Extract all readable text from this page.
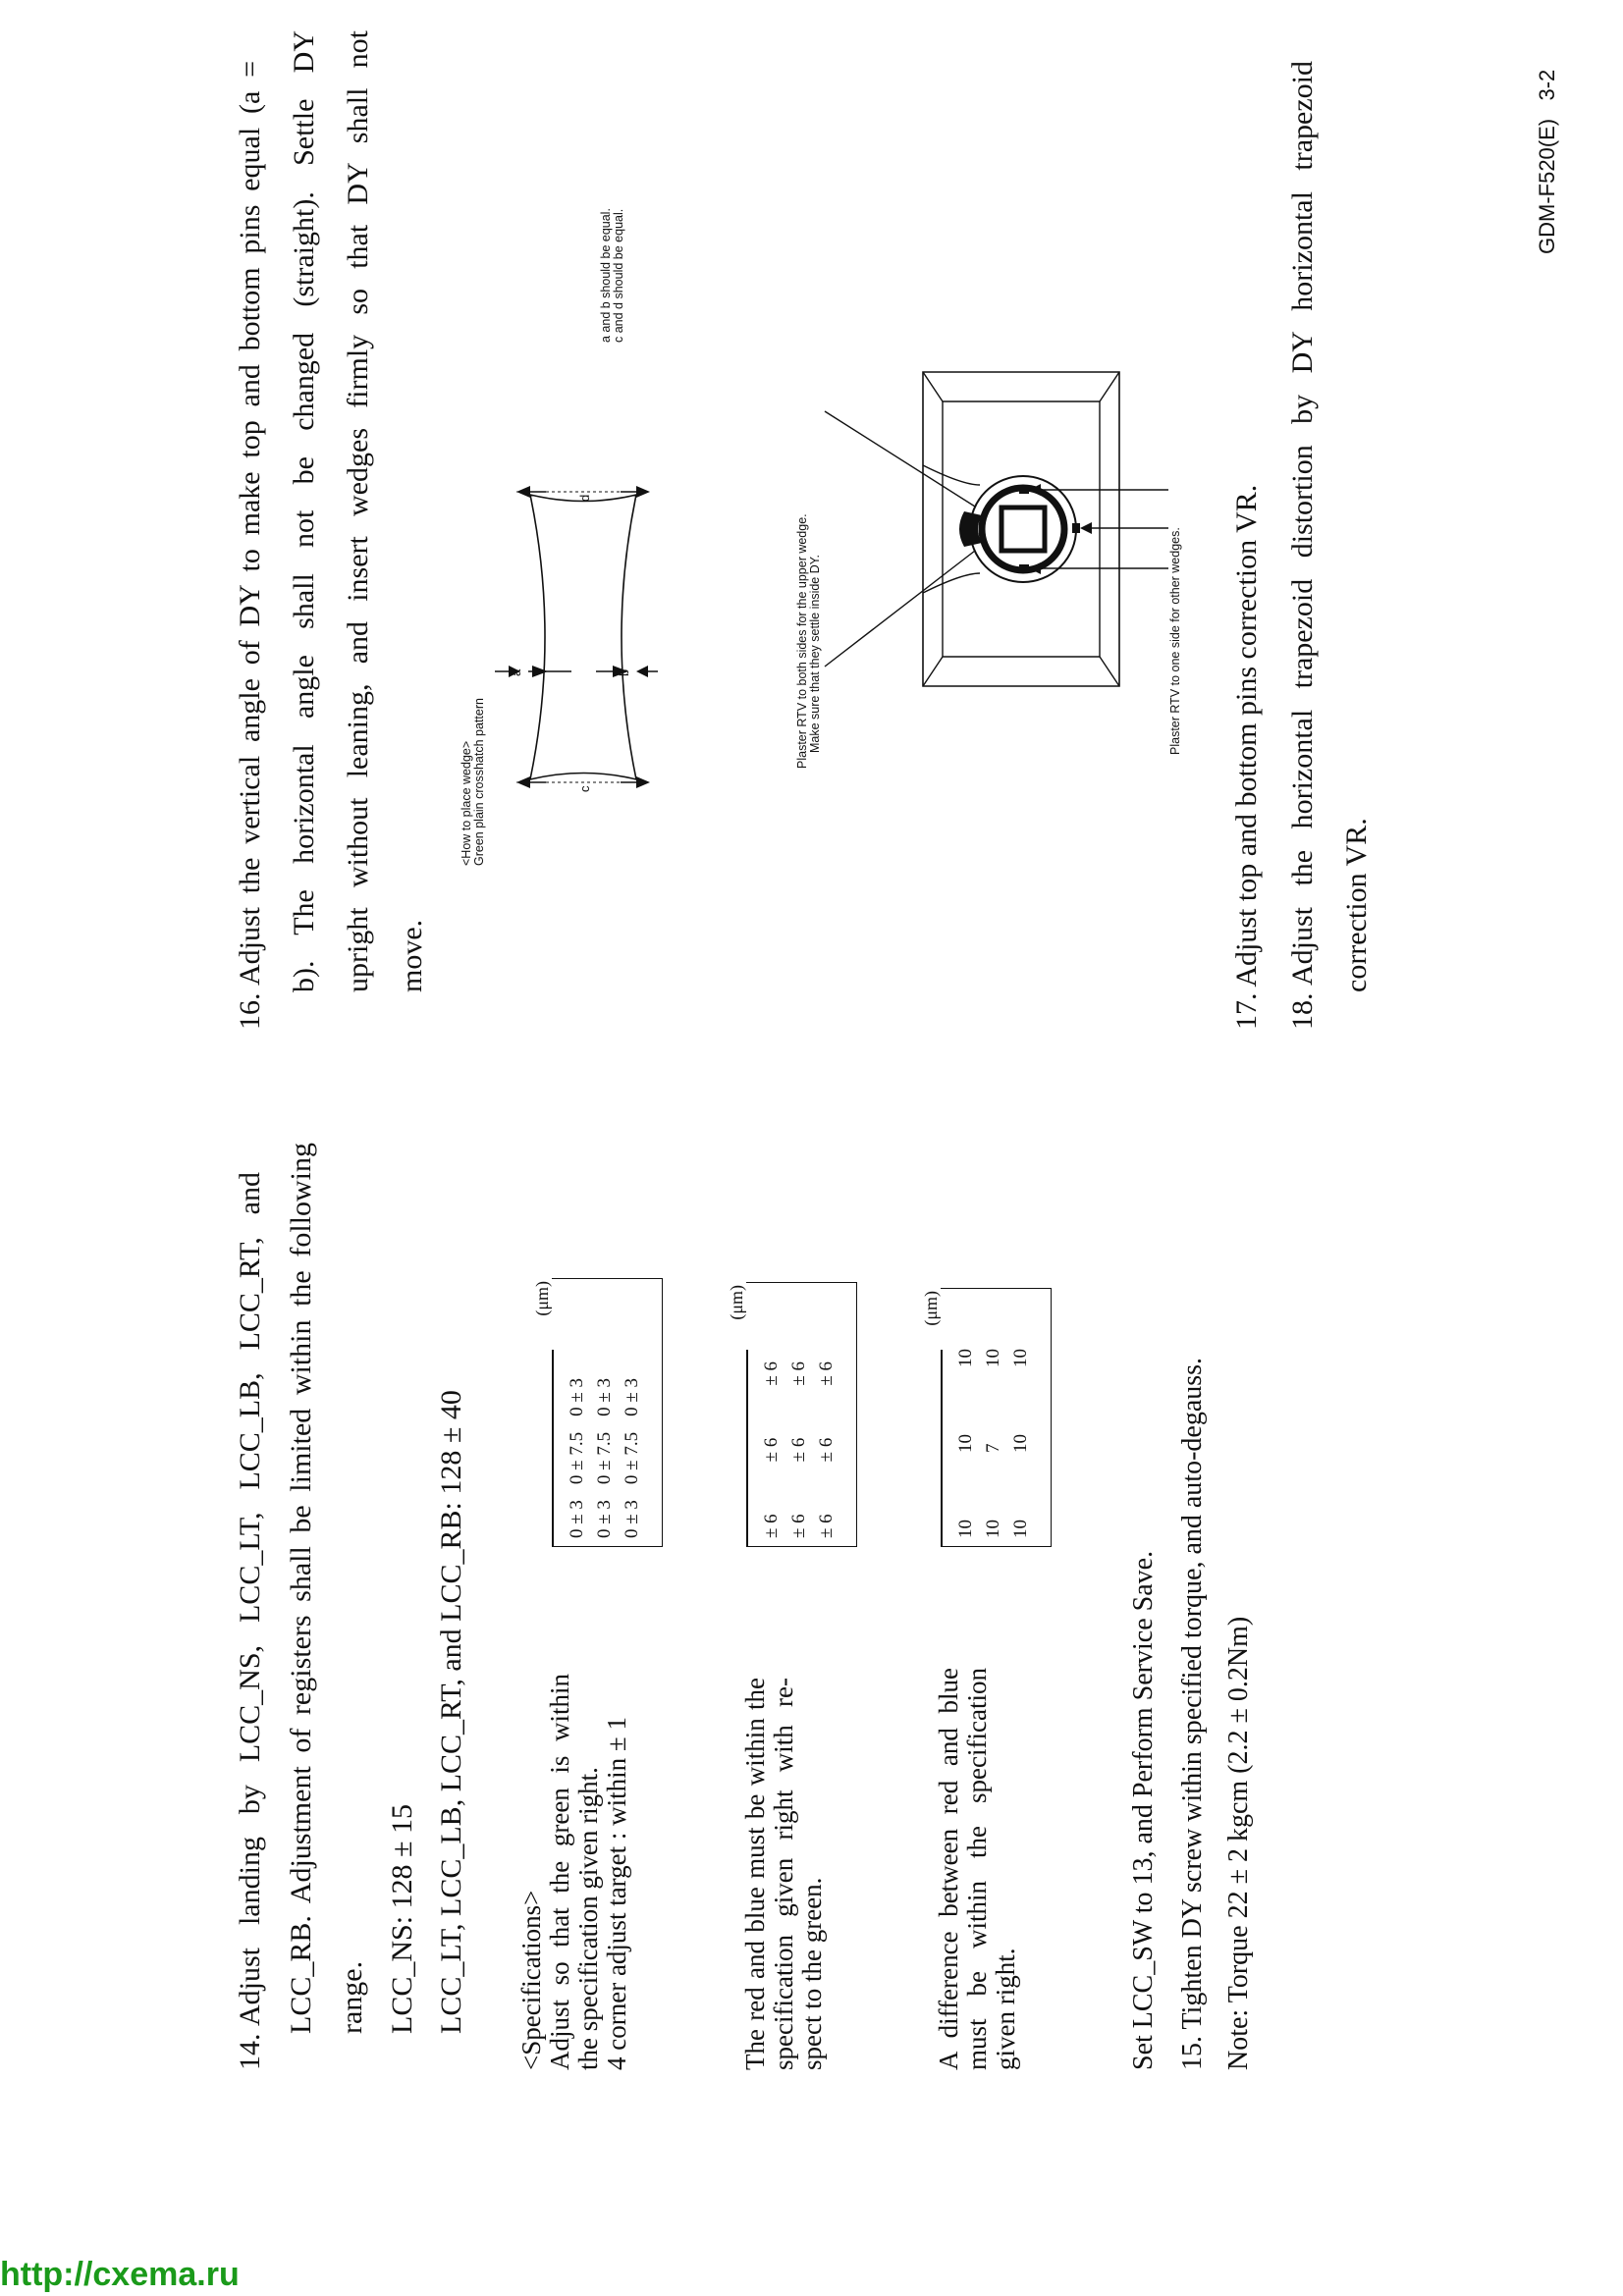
14. Adjust landing by LCC_NS, LCC_LT, LCC_LB, LCC_RT, and LCC_RB. Adjustment of registers shall be limited within the following range. LCC_NS: 128 ± 15 LCC_LT, LCC_LB, LCC_RT, and LCC_RB: 128 ± 40 <Specifications> Adjust so that the green is within the specification given right. 4 corner adjust target : within ± 1
(μm)
0 ± 3	0 ± 7.5	0 ± 3
0 ± 3	0 ± 7.5	0 ± 3
0 ± 3	0 ± 7.5	0 ± 3
The red and blue must be within the specification given right with re- spect to the green.
(μm)
± 6	± 6	± 6
± 6	± 6	± 6
± 6	± 6	± 6
A difference between red and blue must be within the specification given right.
(μm)
10	10	10
10	7	10
10	10	10
Set LCC_SW to 13, and Perform Service Save. 15. Tighten DY screw within specified torque, and auto-degauss. Note: Torque 22 ± 2 kgcm (2.2 ± 0.2Nm)
16. Adjust the vertical angle of DY to make top and bottom pins equal (a = b). The horizontal angle shall not be changed (straight). Settle DY upright without leaning, and insert wedges firmly so that DY shall not move.
<How to place wedge> Green plain crosshatch pattern
a	b
c
d
a and b should be equal. c and d should be equal.
Plaster RTV to both sides for the upper wedge. Make sure that they settle inside DY.	Plaster RTV to one side for other wedges. 17. Adjust top and bottom pins correction VR. 18. Adjust the horizontal trapezoid distortion by DY horizontal trapezoid correction VR.
GDM-F520(E)   3-2
http://cxema.ru
